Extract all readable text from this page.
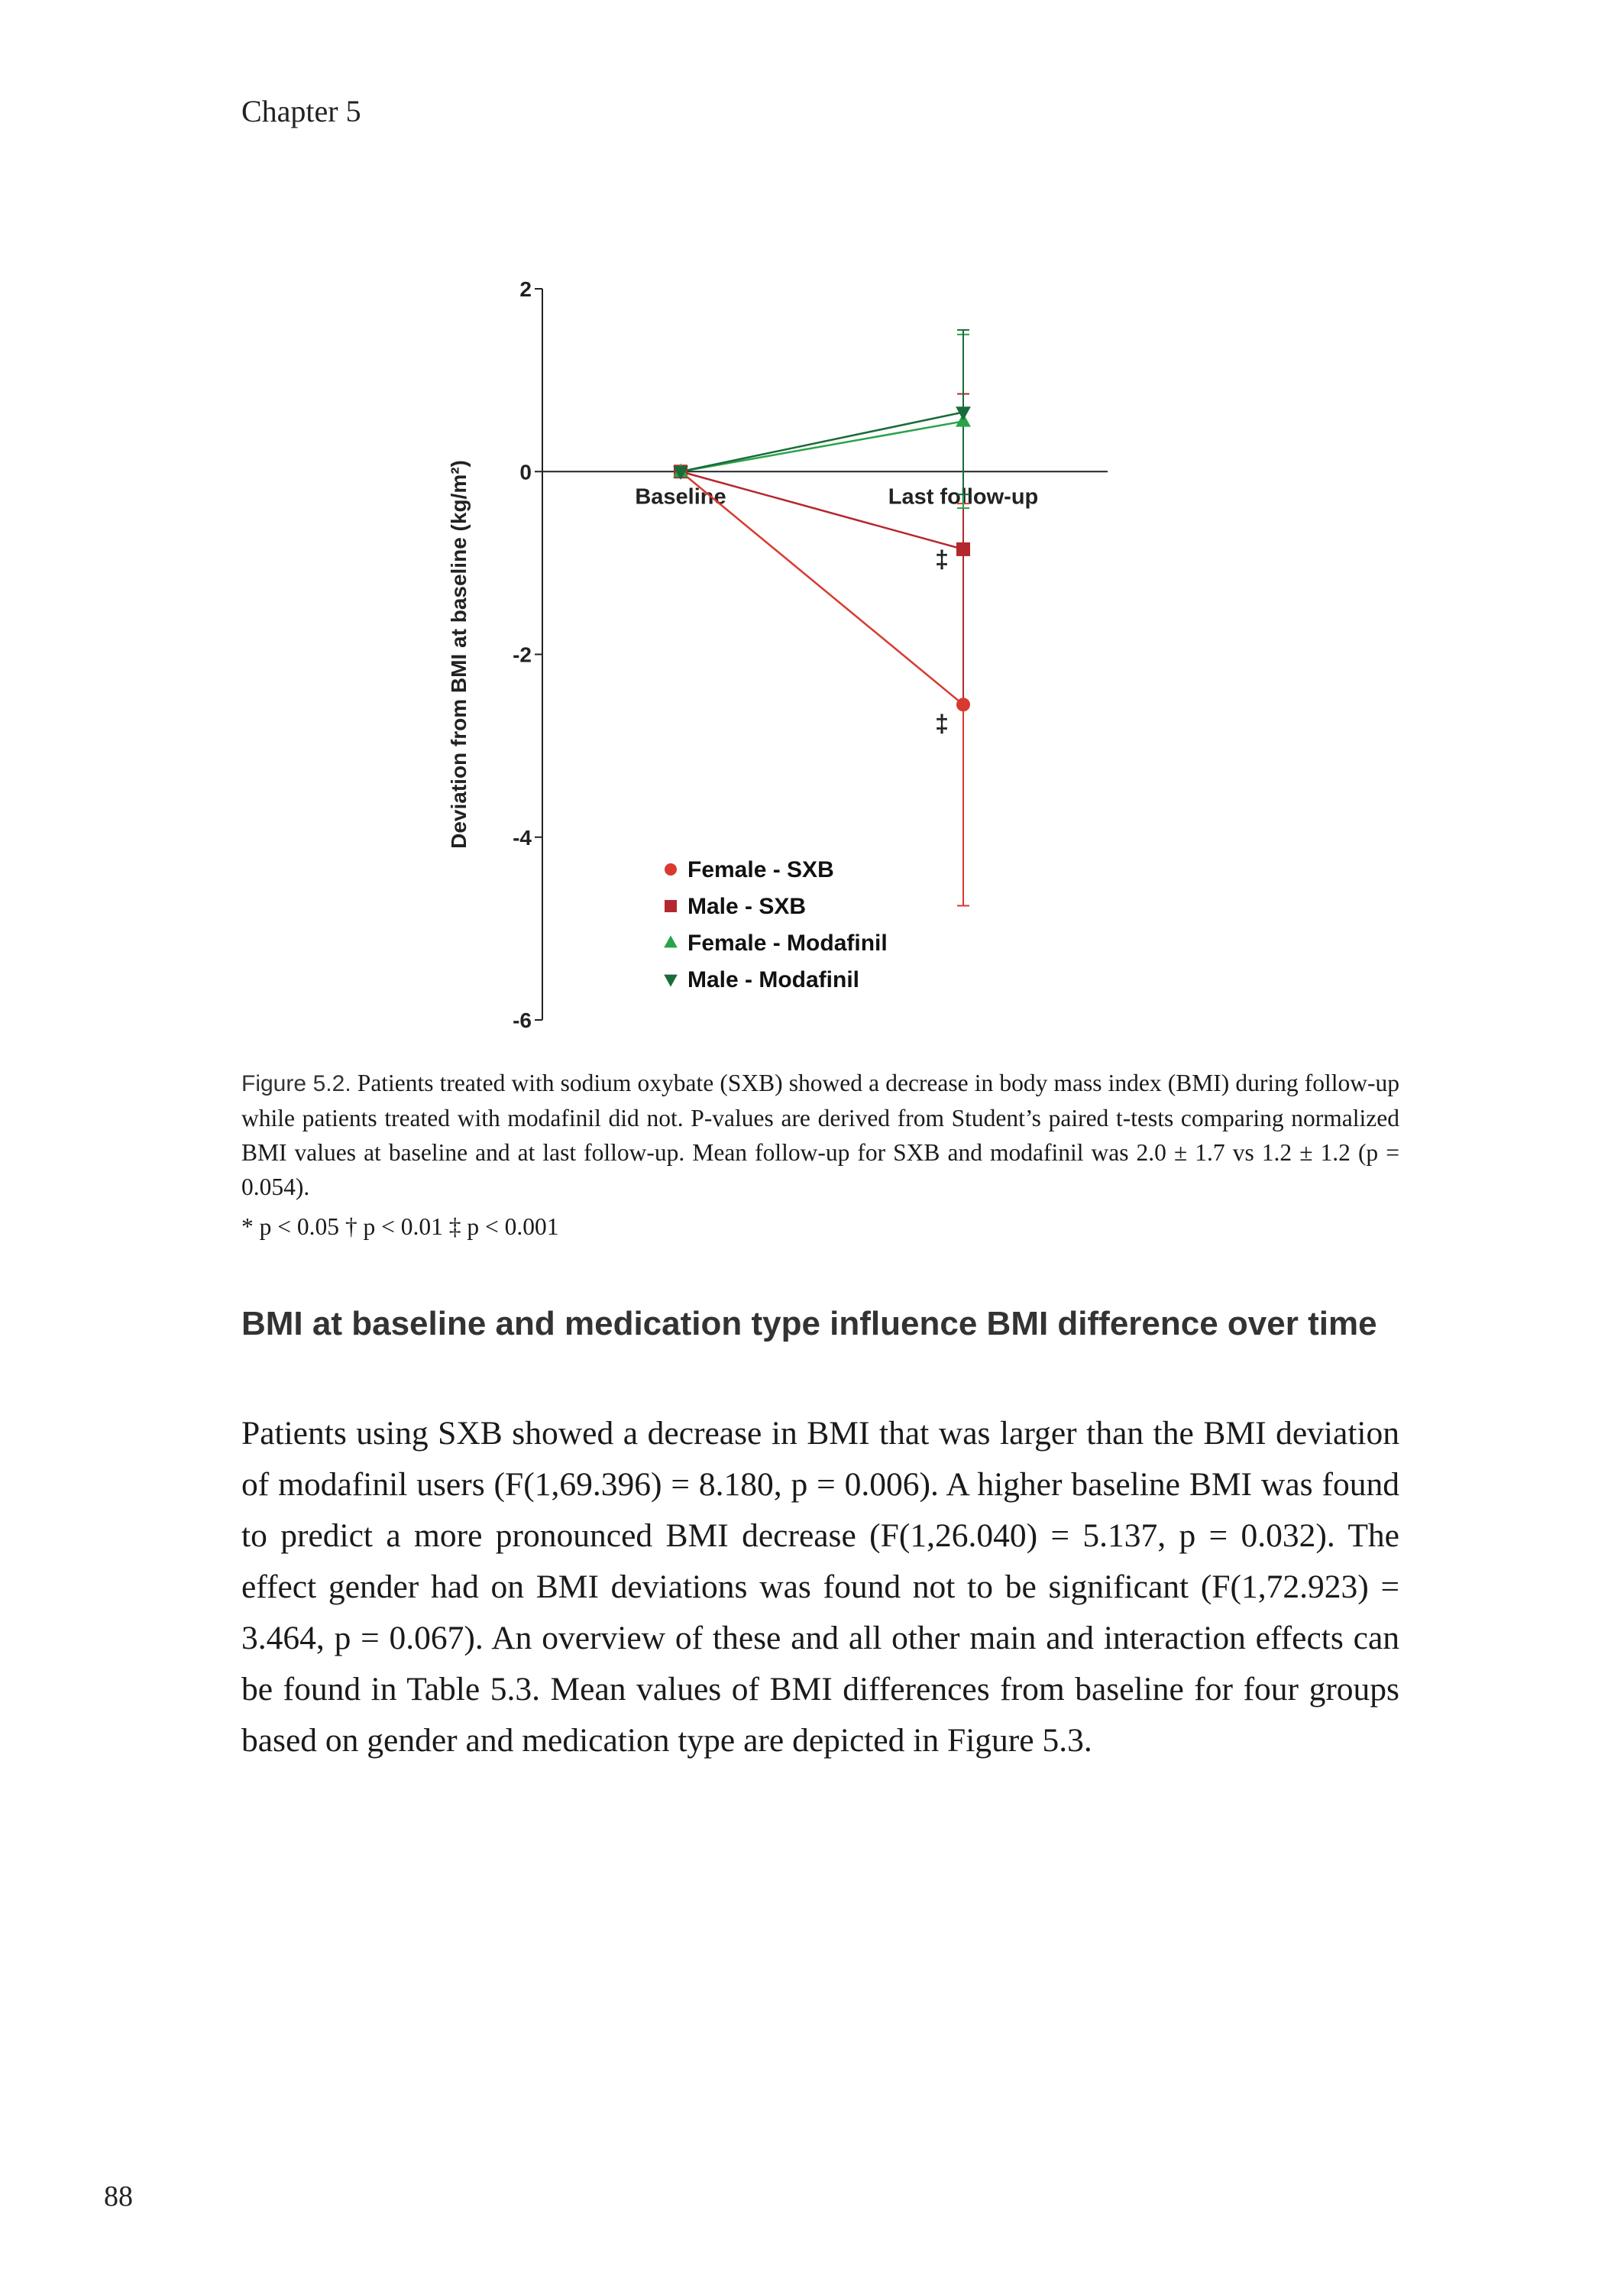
Chapter 5
2
0
-2
-4
-6
Baseline	Last follow-up
Deviation from BMI at baseline (kg/m²)	‡
‡
Female - SXB
Male - SXB
Female - Modafinil
Male - Modafinil
Figure 5.2. Patients treated with sodium oxybate (SXB) showed a decrease in body mass index (BMI) during follow-up while patients treated with modafinil did not. P-values are derived from Student’s paired t-tests comparing normalized BMI values at baseline and at last follow-up. Mean follow-up for SXB and modafinil was 2.0 ± 1.7 vs 1.2 ± 1.2 (p = 0.054).
* p < 0.05 † p < 0.01 ‡ p < 0.001
BMI at baseline and medication type influence BMI difference over time
Patients using SXB showed a decrease in BMI that was larger than the BMI deviation of modafinil users (F(1,69.396) = 8.180, p = 0.006). A higher baseline BMI was found to predict a more pronounced BMI decrease (F(1,26.040) = 5.137, p = 0.032). The effect gender had on BMI deviations was found not to be significant (F(1,72.923) = 3.464, p = 0.067). An overview of these and all other main and interaction effects can be found in Table 5.3. Mean values of BMI differences from baseline for four groups based on gender and medication type are depicted in Figure 5.3.
88
